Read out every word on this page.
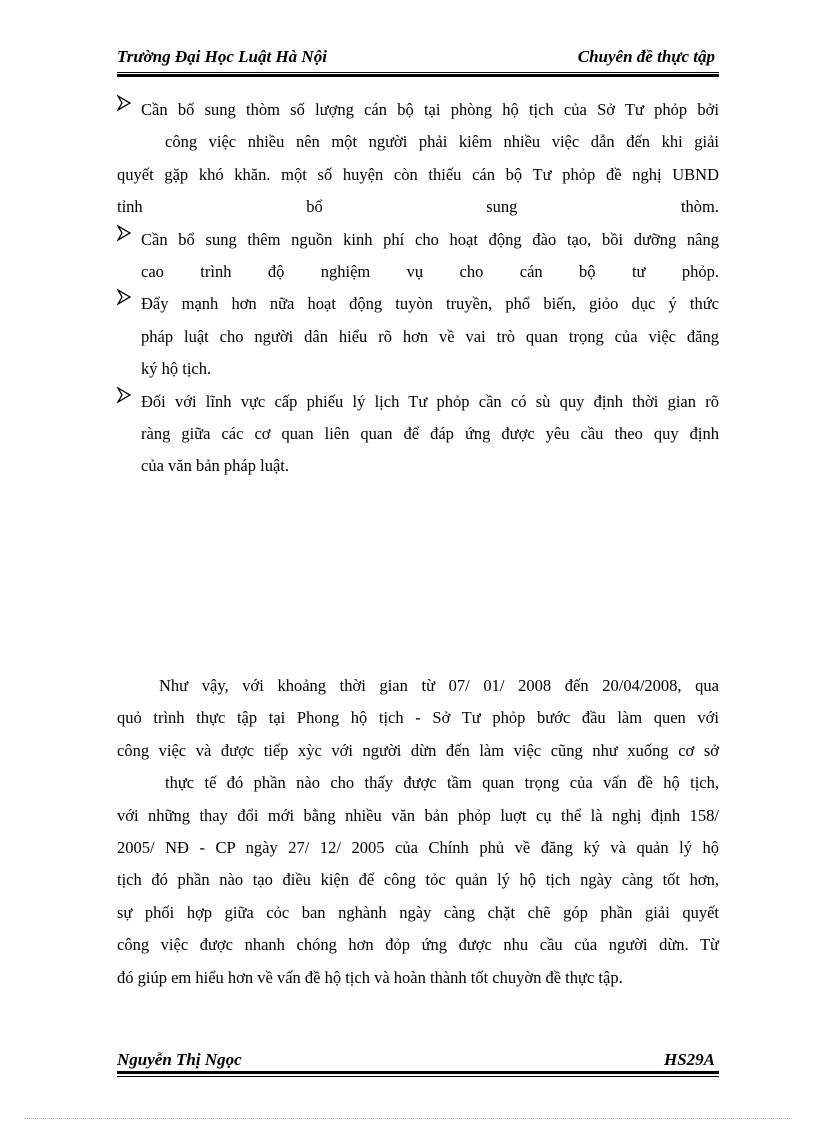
Trường Đại Học Luật Hà Nội	Chuyên đề thực tập
Cần bổ sung thòm số lượng cán bộ tại phòng hộ tịch của Sở Tư phỏp bởi
công việc nhiều nên một người phải kiêm nhiều việc dẫn đến khi giải
quyết gặp khó khăn. một số huyện còn thiếu cán bộ Tư phỏp đề nghị UBND
tỉnh bổ sung thòm.
Cần bổ sung thêm nguồn kinh phí cho hoạt động đào tạo, bồi dưỡng nâng
cao trình độ nghiệm vụ cho cán bộ tư phỏp.
Đẩy mạnh hơn nữa hoạt động tuyòn truyền, phổ biến, giỏo dục ý thức
pháp luật cho người dân hiểu rõ hơn về vai trò quan trọng của việc đăng
ký hộ tịch.
Đối với lĩnh vực cấp phiếu lý lịch Tư phỏp cần có sù quy định thời gian rõ
ràng giữa các cơ quan liên quan để đáp ứng được yêu cầu theo quy định
của văn bản pháp luật.
Như vậy, với khoảng thời gian từ 07/ 01/ 2008 đến 20/04/2008, qua
quỏ trình thực tập tại Phong hộ tịch - Sở Tư phỏp bước đầu làm quen với
công việc và được tiếp xỳc với người dừn đến làm việc cũng như xuống cơ sở
thực tế đó phần nào cho thấy được tầm quan trọng của vấn đề hộ tịch,
với những thay đổi mới bằng nhiều văn bản phỏp luợt cụ thể là nghị định 158/
2005/ NĐ - CP ngày 27/ 12/ 2005 của Chính phủ về đăng ký và quản lý hộ
tịch đó phần nào tạo điều kiện để công tỏc quản lý hộ tịch ngày càng tốt hơn,
sự phối hợp giữa cỏc ban nghành ngày càng chặt chẽ góp phần giải quyết
công việc được nhanh chóng hơn đỏp ứng được nhu cầu của người dừn. Từ
đó giúp em hiểu hơn về vấn đề hộ tịch và hoàn thành tốt chuyờn đề thực tập.
Nguyễn Thị Ngọc	HS29A
